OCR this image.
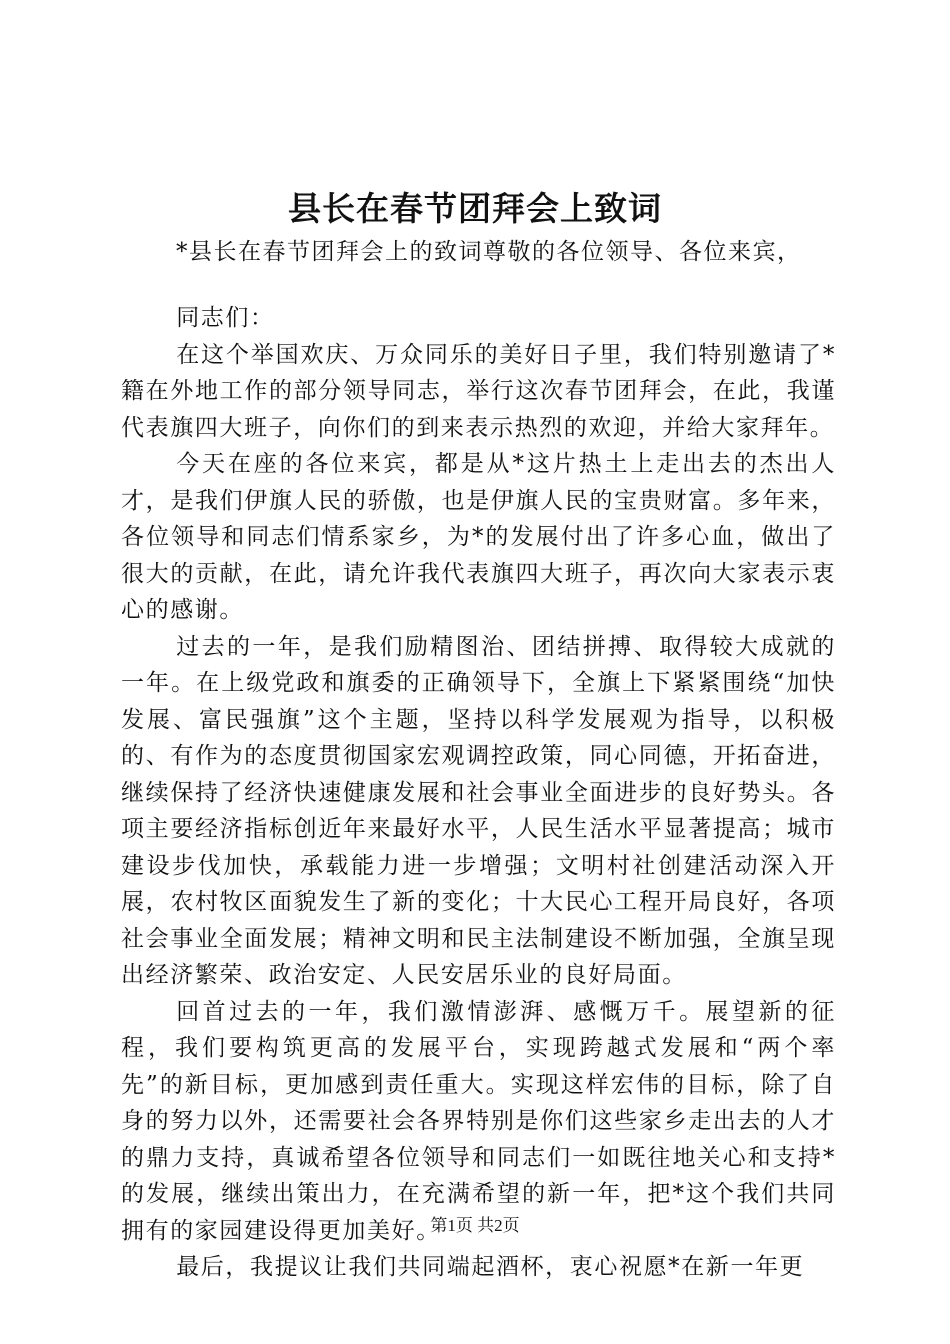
县长在春节团拜会上致词
*县长在春节团拜会上的致词尊敬的各位领导、各位来宾，

同志们：

在这个举国欢庆、万众同乐的美好日子里，我们特别邀请了*籍在外地工作的部分领导同志，举行这次春节团拜会，在此，我谨代表旗四大班子，向你们的到来表示热烈的欢迎，并给大家拜年。

今天在座的各位来宾，都是从*这片热土上走出去的杰出人才，是我们伊旗人民的骄傲，也是伊旗人民的宝贵财富。多年来，各位领导和同志们情系家乡，为*的发展付出了许多心血，做出了很大的贡献，在此，请允许我代表旗四大班子，再次向大家表示衷心的感谢。

过去的一年，是我们励精图治、团结拼搏、取得较大成就的一年。在上级党政和旗委的正确领导下，全旗上下紧紧围绕“加快发展、富民强旗”这个主题，坚持以科学发展观为指导，以积极的、有作为的态度贯彻国家宏观调控政策，同心同德，开拓奋进，继续保持了经济快速健康发展和社会事业全面进步的良好势头。各项主要经济指标创近年来最好水平，人民生活水平显著提高；城市建设步伐加快，承载能力进一步增强；文明村社创建活动深入开展，农村牧区面貌发生了新的变化；十大民心工程开局良好，各项社会事业全面发展；精神文明和民主法制建设不断加强，全旗呈现出经济繁荣、政治安定、人民安居乐业的良好局面。

回首过去的一年，我们激情澎湃、感慨万千。展望新的征程，我们要构筑更高的发展平台，实现跨越式发展和“两个率先”的新目标，更加感到责任重大。实现这样宏伟的目标，除了自身的努力以外，还需要社会各界特别是你们这些家乡走出去的人才的鼎力支持，真诚希望各位领导和同志们一如既往地关心和支持*的发展，继续出策出力，在充满希望的新一年，把*这个我们共同拥有的家园建设得更加美好。

最后，我提议让我们共同端起酒杯，衷心祝愿*在新一年更

第1页 共2页
